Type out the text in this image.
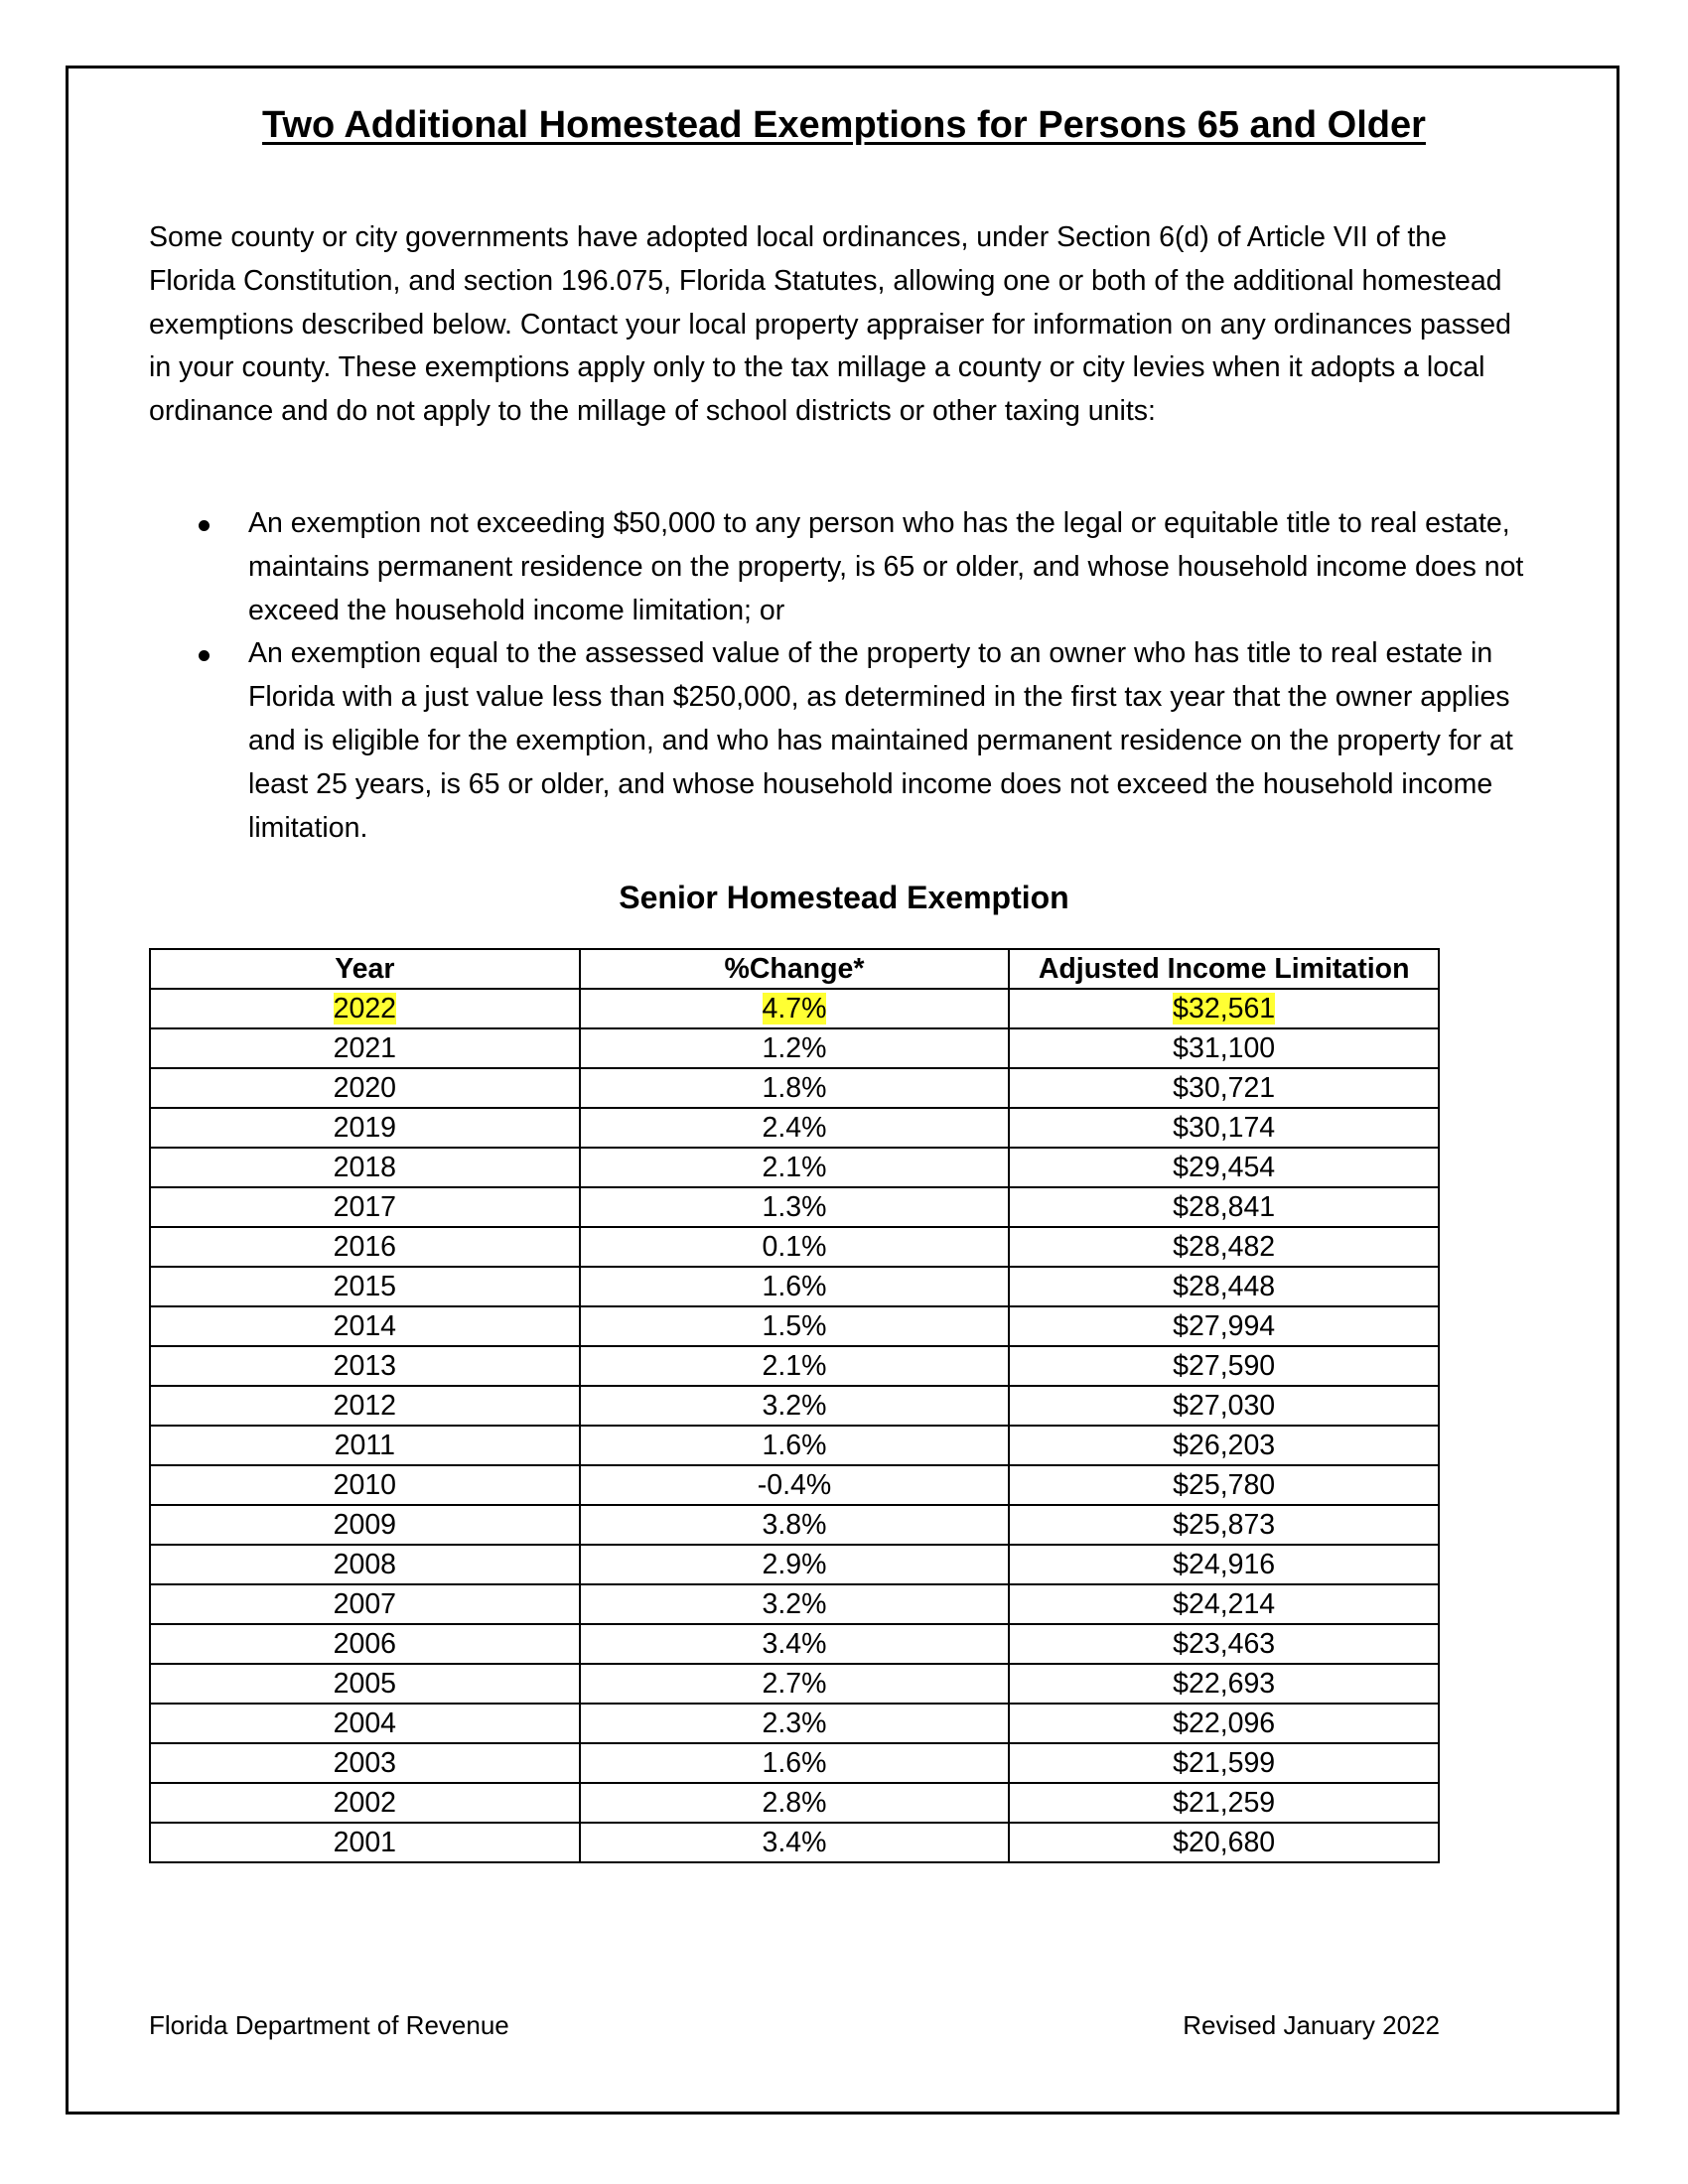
Two Additional Homestead Exemptions for Persons 65 and Older

Some county or city governments have adopted local ordinances, under Section 6(d) of Article VII of the Florida Constitution, and section 196.075, Florida Statutes, allowing one or both of the additional homestead exemptions described below. Contact your local property appraiser for information on any ordinances passed in your county. These exemptions apply only to the tax millage a county or city levies when it adopts a local ordinance and do not apply to the millage of school districts or other taxing units:

An exemption not exceeding $50,000 to any person who has the legal or equitable title to real estate, maintains permanent residence on the property, is 65 or older, and whose household income does not exceed the household income limitation; or
An exemption equal to the assessed value of the property to an owner who has title to real estate in Florida with a just value less than $250,000, as determined in the first tax year that the owner applies and is eligible for the exemption, and who has maintained permanent residence on the property for at least 25 years, is 65 or older, and whose household income does not exceed the household income limitation.
Senior Homestead Exemption
Year	%Change*	Adjusted Income Limitation
2022	4.7%	$32,561
2021	1.2%	$31,100
2020	1.8%	$30,721
2019	2.4%	$30,174
2018	2.1%	$29,454
2017	1.3%	$28,841
2016	0.1%	$28,482
2015	1.6%	$28,448
2014	1.5%	$27,994
2013	2.1%	$27,590
2012	3.2%	$27,030
2011	1.6%	$26,203
2010	-0.4%	$25,780
2009	3.8%	$25,873
2008	2.9%	$24,916
2007	3.2%	$24,214
2006	3.4%	$23,463
2005	2.7%	$22,693
2004	2.3%	$22,096
2003	1.6%	$21,599
2002	2.8%	$21,259
2001	3.4%	$20,680
Florida Department of Revenue	Revised January 2022
